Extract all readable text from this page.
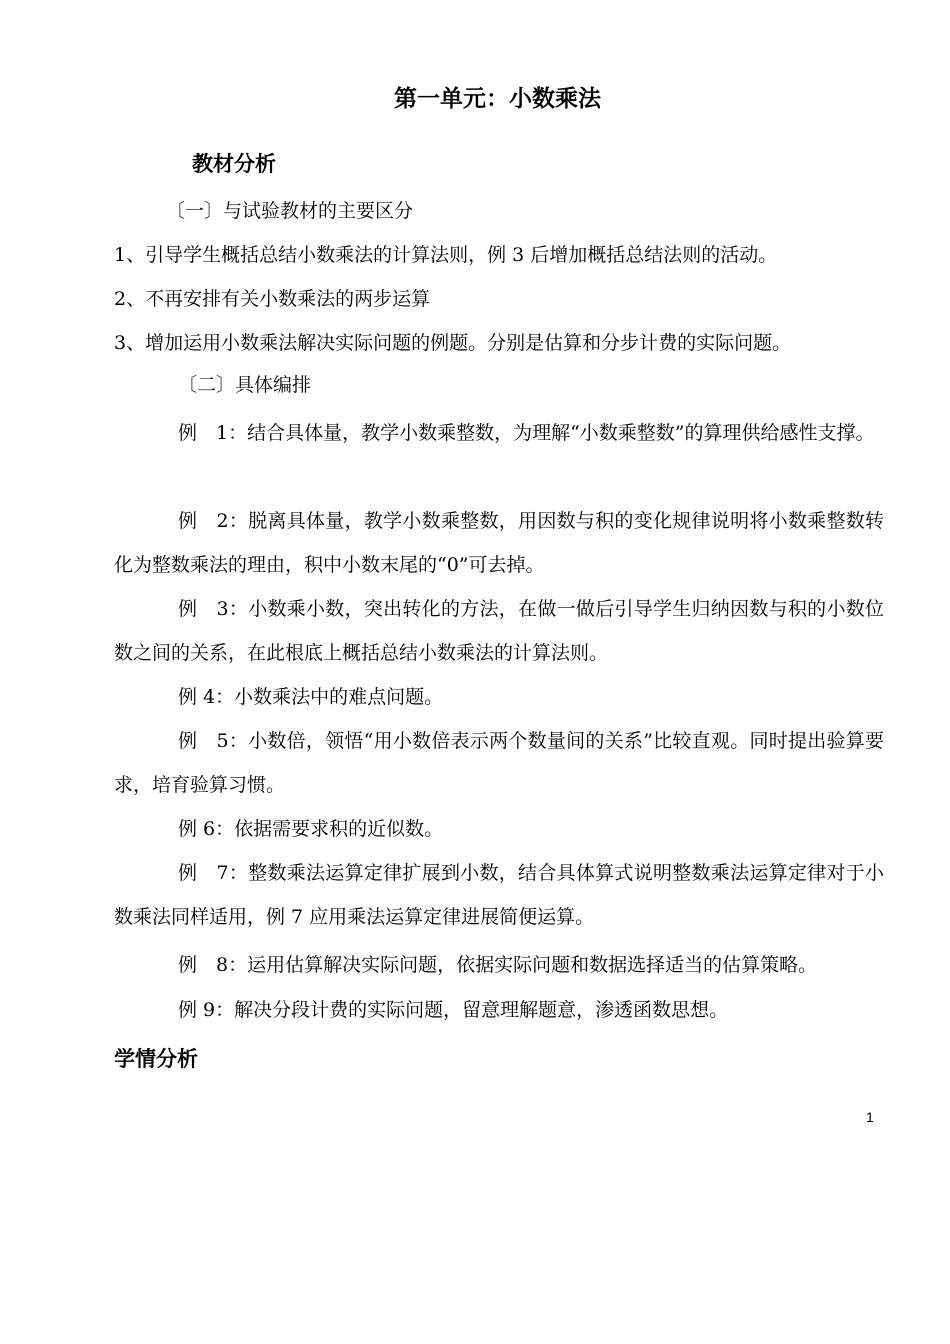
第一单元：小数乘法
教材分析
〔一〕与试验教材的主要区分
1、引导学生概括总结小数乘法的计算法则，例 3 后增加概括总结法则的活动。
2、不再安排有关小数乘法的两步运算
3、增加运用小数乘法解决实际问题的例题。分别是估算和分步计费的实际问题。
〔二〕具体编排
例　1：结合具体量，教学小数乘整数，为理解“小数乘整数”的算理供给感性支撑。
例　2：脱离具体量，教学小数乘整数，用因数与积的变化规律说明将小数乘整数转化为整数乘法的理由，积中小数末尾的“0”可去掉。
例　3：小数乘小数，突出转化的方法，在做一做后引导学生归纳因数与积的小数位数之间的关系，在此根底上概括总结小数乘法的计算法则。
例 4：小数乘法中的难点问题。
例　5：小数倍，领悟“用小数倍表示两个数量间的关系”比较直观。同时提出验算要求，培育验算习惯。
例 6：依据需要求积的近似数。
例　7：整数乘法运算定律扩展到小数，结合具体算式说明整数乘法运算定律对于小数乘法同样适用，例 7 应用乘法运算定律进展简便运算。
例　8：运用估算解决实际问题，依据实际问题和数据选择适当的估算策略。
例 9：解决分段计费的实际问题，留意理解题意，渗透函数思想。
学情分析
1
